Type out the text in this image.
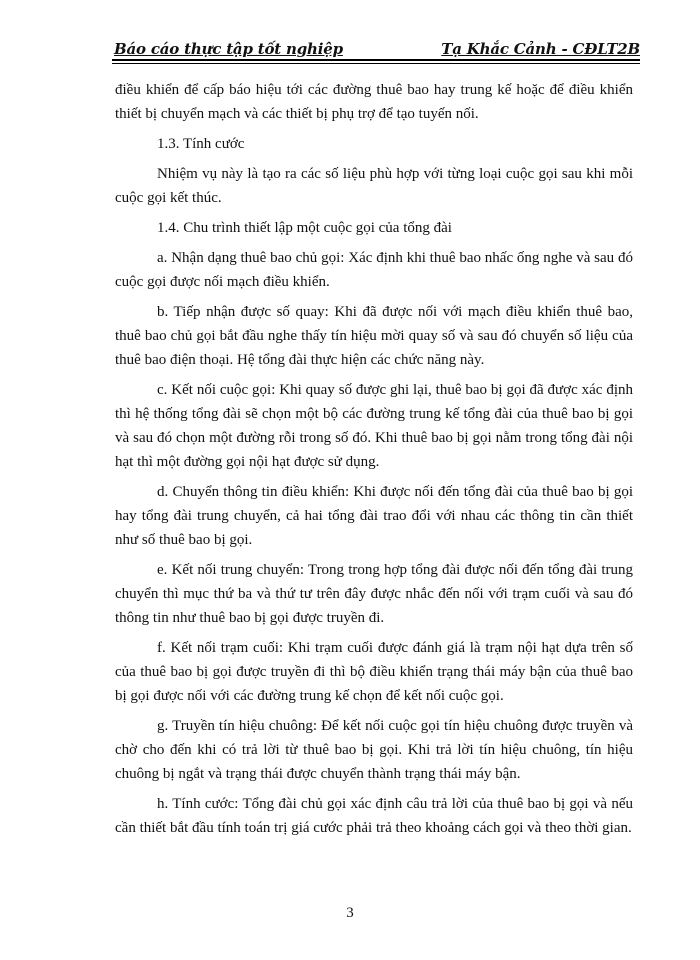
Báo cáo thực tập tốt nghiệp	Tạ Khắc Cảnh - CĐLT2B

điều khiển để cấp báo hiệu tới các đường thuê bao hay trung kế hoặc để điều khiển thiết bị chuyển mạch và các thiết bị phụ trợ để tạo tuyến nối.

1.3. Tính cước

Nhiệm vụ này là tạo ra các số liệu phù hợp với từng loại cuộc gọi sau khi mỗi cuộc gọi kết thúc.

1.4. Chu trình thiết lập một cuộc gọi của tổng đài

a. Nhận dạng thuê bao chủ gọi: Xác định khi thuê bao nhấc ống nghe và sau đó cuộc gọi được nối mạch điều khiển.

b. Tiếp nhận được số quay: Khi đã được nối với mạch điều khiển thuê bao, thuê bao chủ gọi bắt đầu nghe thấy tín hiệu mời quay số và sau đó chuyển số liệu của thuê bao điện thoại. Hệ tổng đài thực hiện các chức năng này.

c. Kết nối cuộc gọi: Khi quay số được ghi lại, thuê bao bị gọi đã được xác định thì hệ thống tổng đài sẽ chọn một bộ các đường trung kế tổng đài của thuê bao bị gọi và sau đó chọn một đường rỗi trong số đó. Khi thuê bao bị gọi nằm trong tổng đài nội hạt thì một đường gọi nội hạt được sử dụng.

d. Chuyển thông tin điều khiển: Khi được nối đến tổng đài của thuê bao bị gọi hay tổng đài trung chuyển, cả hai tổng đài trao đổi với nhau các thông tin cần thiết như số thuê bao bị gọi.

e. Kết nối trung chuyển: Trong trong hợp tổng đài được nối đến tổng đài trung chuyển thì mục thứ ba và thứ tư trên đây được nhắc đến nối với trạm cuối và sau đó thông tin như thuê bao bị gọi được truyền đi.

f. Kết nối trạm cuối: Khi trạm cuối được đánh giá là trạm nội hạt dựa trên số của thuê bao bị gọi được truyền đi thì bộ điều khiển trạng thái máy bận của thuê bao bị gọi được nối với các đường trung kế chọn để kết nối cuộc gọi.

g. Truyền tín hiệu chuông: Để kết nối cuộc gọi tín hiệu chuông được truyền và chờ cho đến khi có trả lời từ thuê bao bị gọi. Khi trả lời tín hiệu chuông, tín hiệu chuông bị ngắt và trạng thái được chuyển thành trạng thái máy bận.

h. Tính cước: Tổng đài chủ gọi xác định câu trả lời của thuê bao bị gọi và nếu cần thiết bắt đầu tính toán trị giá cước phải trả theo khoảng cách gọi và theo thời gian.

3
